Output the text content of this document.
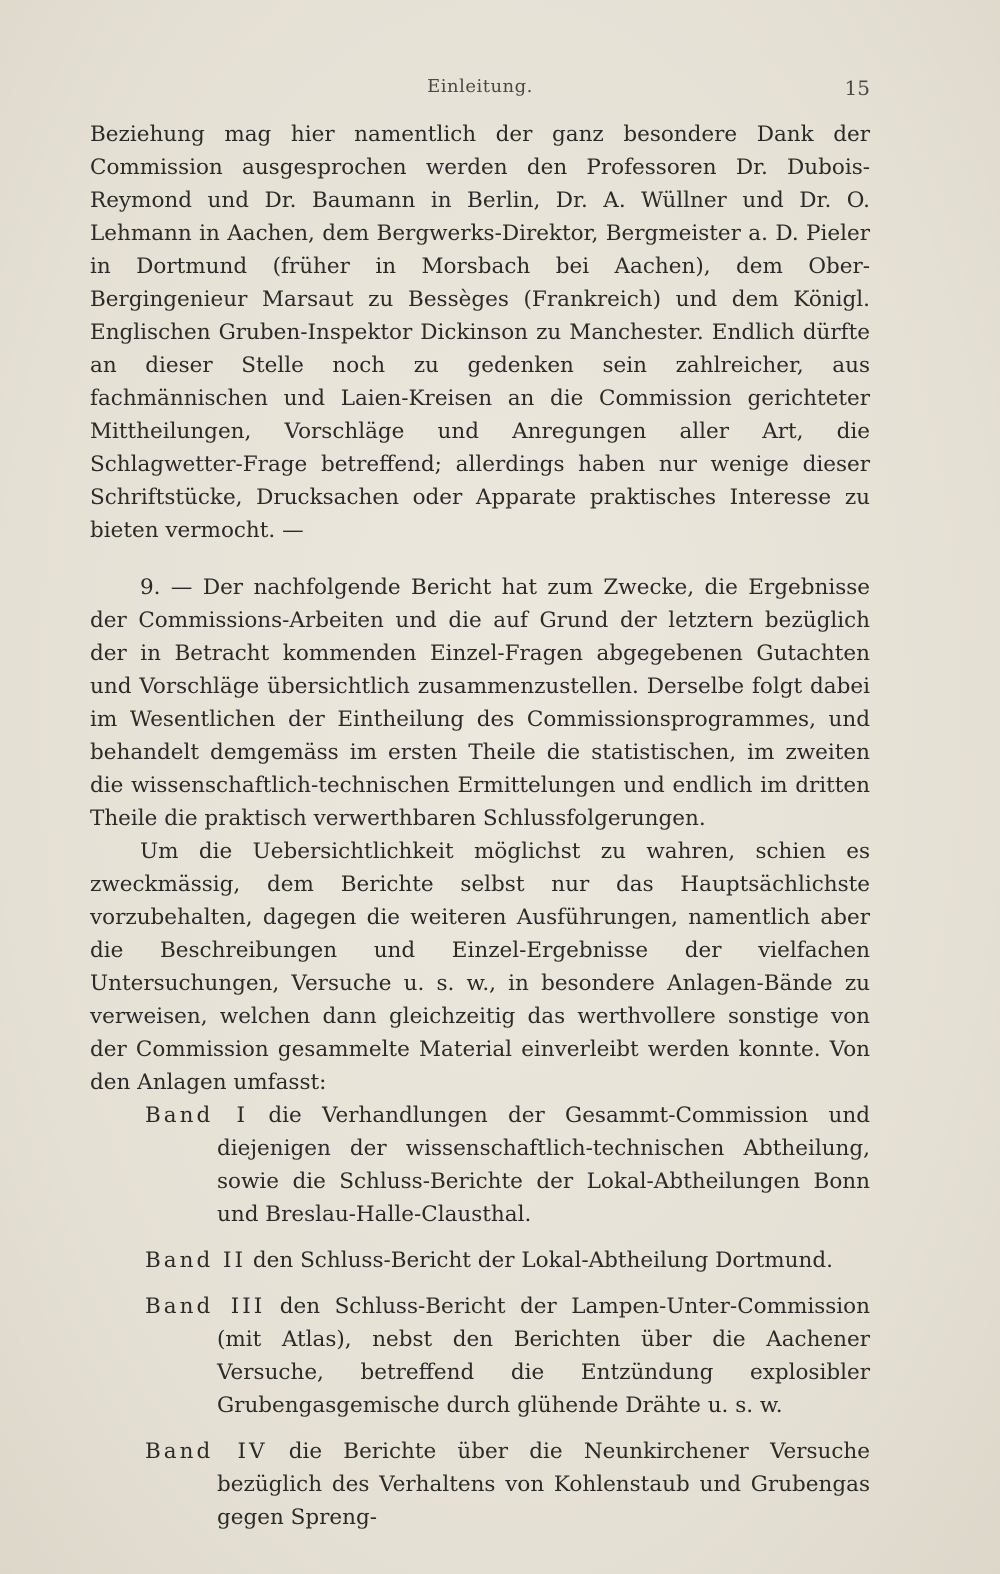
Einleitung.	15

Beziehung mag hier namentlich der ganz besondere Dank der Commission ausgesprochen werden den Professoren Dr. Dubois-Reymond und Dr. Baumann in Berlin, Dr. A. Wüllner und Dr. O. Lehmann in Aachen, dem Bergwerks-Direktor, Bergmeister a. D. Pieler in Dortmund (früher in Morsbach bei Aachen), dem Ober-Bergingenieur Marsaut zu Bessèges (Frankreich) und dem Königl. Englischen Gruben-Inspektor Dickinson zu Manchester. Endlich dürfte an dieser Stelle noch zu gedenken sein zahlreicher, aus fachmännischen und Laien-Kreisen an die Commission gerichteter Mittheilungen, Vorschläge und Anregungen aller Art, die Schlagwetter-Frage betreffend; allerdings haben nur wenige dieser Schriftstücke, Drucksachen oder Apparate praktisches Interesse zu bieten vermocht. —

9. — Der nachfolgende Bericht hat zum Zwecke, die Ergebnisse der Commissions-Arbeiten und die auf Grund der letztern bezüglich der in Betracht kommenden Einzel-Fragen abgegebenen Gutachten und Vorschläge übersichtlich zusammenzustellen. Derselbe folgt dabei im Wesentlichen der Eintheilung des Commissionsprogrammes, und behandelt demgemäss im ersten Theile die statistischen, im zweiten die wissenschaftlich-technischen Ermittelungen und endlich im dritten Theile die praktisch verwerthbaren Schlussfolgerungen.

Um die Uebersichtlichkeit möglichst zu wahren, schien es zweckmässig, dem Berichte selbst nur das Hauptsächlichste vorzubehalten, dagegen die weiteren Ausführungen, namentlich aber die Beschreibungen und Einzel-Ergebnisse der vielfachen Untersuchungen, Versuche u. s. w., in besondere Anlagen-Bände zu verweisen, welchen dann gleichzeitig das werthvollere sonstige von der Commission gesammelte Material einverleibt werden konnte. Von den Anlagen umfasst:

Band I die Verhandlungen der Gesammt-Commission und diejenigen der wissenschaftlich-technischen Abtheilung, sowie die Schluss-Berichte der Lokal-Abtheilungen Bonn und Breslau-Halle-Clausthal.
Band II den Schluss-Bericht der Lokal-Abtheilung Dortmund.
Band III den Schluss-Bericht der Lampen-Unter-Commission (mit Atlas), nebst den Berichten über die Aachener Versuche, betreffend die Entzündung explosibler Grubengasgemische durch glühende Drähte u. s. w.
Band IV die Berichte über die Neunkirchener Versuche bezüglich des Verhaltens von Kohlenstaub und Grubengas gegen Spreng-
